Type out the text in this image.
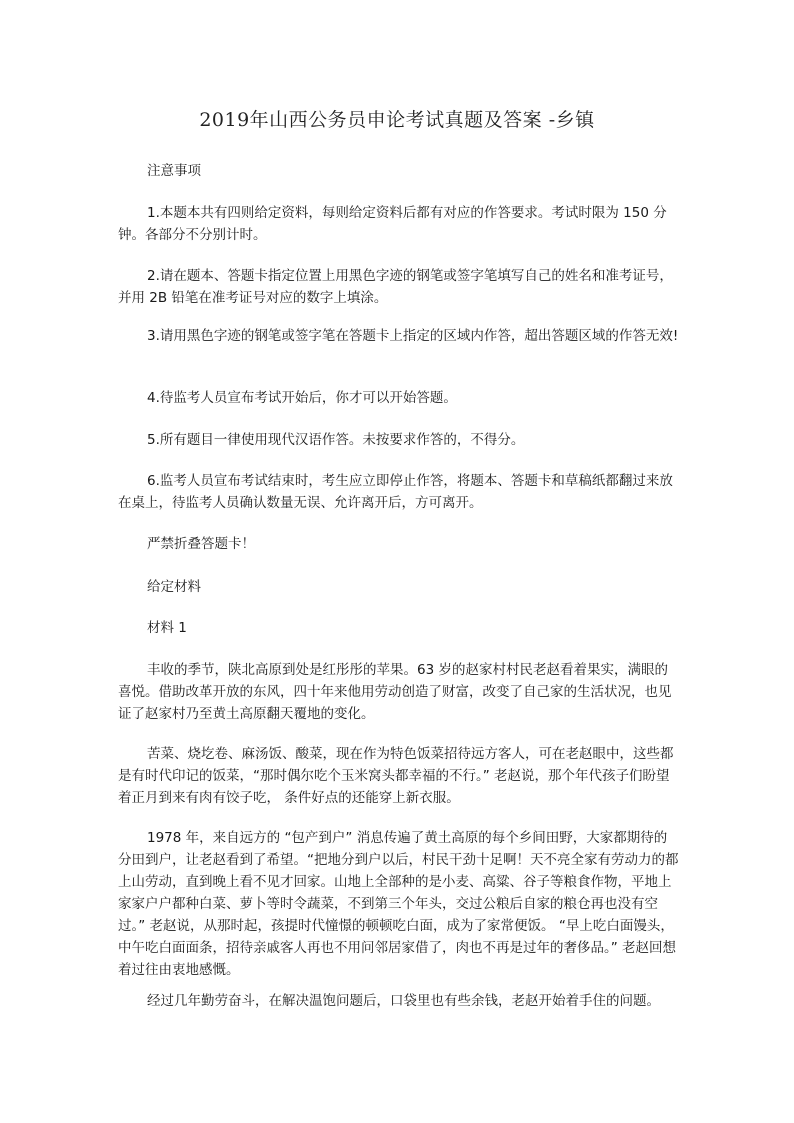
2019年山西公务员申论考试真题及答案 -乡镇
注意事项
1.本题本共有四则给定资料，每则给定资料后都有对应的作答要求。考试时限为 150 分钟。各部分不分别计时。
2.请在题本、答题卡指定位置上用黑色字迹的钢笔或签字笔填写自己的姓名和准考证号，并用 2B 铅笔在准考证号对应的数字上填涂。
3.请用黑色字迹的钢笔或签字笔在答题卡上指定的区域内作答，超出答题区域的作答无效!
4.待监考人员宣布考试开始后，你才可以开始答题。
5.所有题目一律使用现代汉语作答。未按要求作答的，不得分。
6.监考人员宣布考试结束时，考生应立即停止作答，将题本、答题卡和草稿纸都翻过来放在桌上，待监考人员确认数量无误、允许离开后，方可离开。
严禁折叠答题卡！
给定材料
材料 1
丰收的季节，陕北高原到处是红彤彤的苹果。63 岁的赵家村村民老赵看着果实，满眼的喜悦。借助改革开放的东风，四十年来他用劳动创造了财富，改变了自己家的生活状况，也见证了赵家村乃至黄土高原翻天覆地的变化。
苦菜、烧圪卷、麻汤饭、酸菜，现在作为特色饭菜招待远方客人，可在老赵眼中，这些都是有时代印记的饭菜，“那时偶尔吃个玉米窝头都幸福的不行。” 老赵说，那个年代孩子们盼望着正月到来有肉有饺子吃， 条件好点的还能穿上新衣服。
1978 年，来自远方的 “包产到户” 消息传遍了黄土高原的每个乡间田野，大家都期待的分田到户，让老赵看到了希望。“把地分到户以后，村民干劲十足啊！天不亮全家有劳动力的都上山劳动，直到晚上看不见才回家。山地上全部种的是小麦、高粱、谷子等粮食作物，平地上家家户户都种白菜、萝卜等时令蔬菜，不到第三个年头，交过公粮后自家的粮仓再也没有空过。” 老赵说，从那时起，孩提时代憧憬的顿顿吃白面，成为了家常便饭。 “早上吃白面馒头，中午吃白面面条，招待亲戚客人再也不用问邻居家借了，肉也不再是过年的奢侈品。” 老赵回想着过往由衷地感慨。
经过几年勤劳奋斗，在解决温饱问题后，口袋里也有些余钱，老赵开始着手住的问题。
